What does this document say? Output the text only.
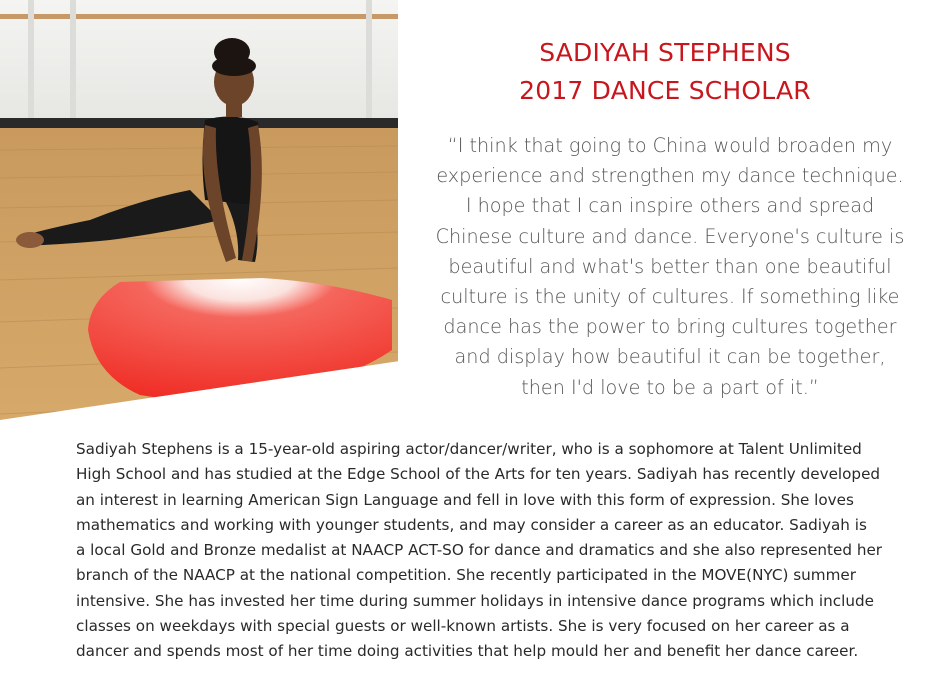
SADIYAH STEPHENS
2017 DANCE SCHOLAR
“I think that going to China would broaden my
experience and strengthen my dance technique.
I hope that I can inspire others and spread
Chinese culture and dance. Everyone's culture is
beautiful and what's better than one beautiful
culture is the unity of cultures. If something like
dance has the power to bring cultures together
and display how beautiful it can be together,
then I'd love to be a part of it.”
Sadiyah Stephens is a 15-year-old aspiring actor/dancer/writer, who is a sophomore at Talent Unlimited
High School and has studied at the Edge School of the Arts for ten years. Sadiyah has recently developed
an interest in learning American Sign Language and fell in love with this form of expression. She loves
mathematics and working with younger students, and may consider a career as an educator. Sadiyah is
a local Gold and Bronze medalist at NAACP ACT-SO for dance and dramatics and she also represented her
branch of the NAACP at the national competition. She recently participated in the MOVE(NYC) summer
intensive. She has invested her time during summer holidays in intensive dance programs which include
classes on weekdays with special guests or well-known artists. She is very focused on her career as a
dancer and spends most of her time doing activities that help mould her and benefit her dance career.
